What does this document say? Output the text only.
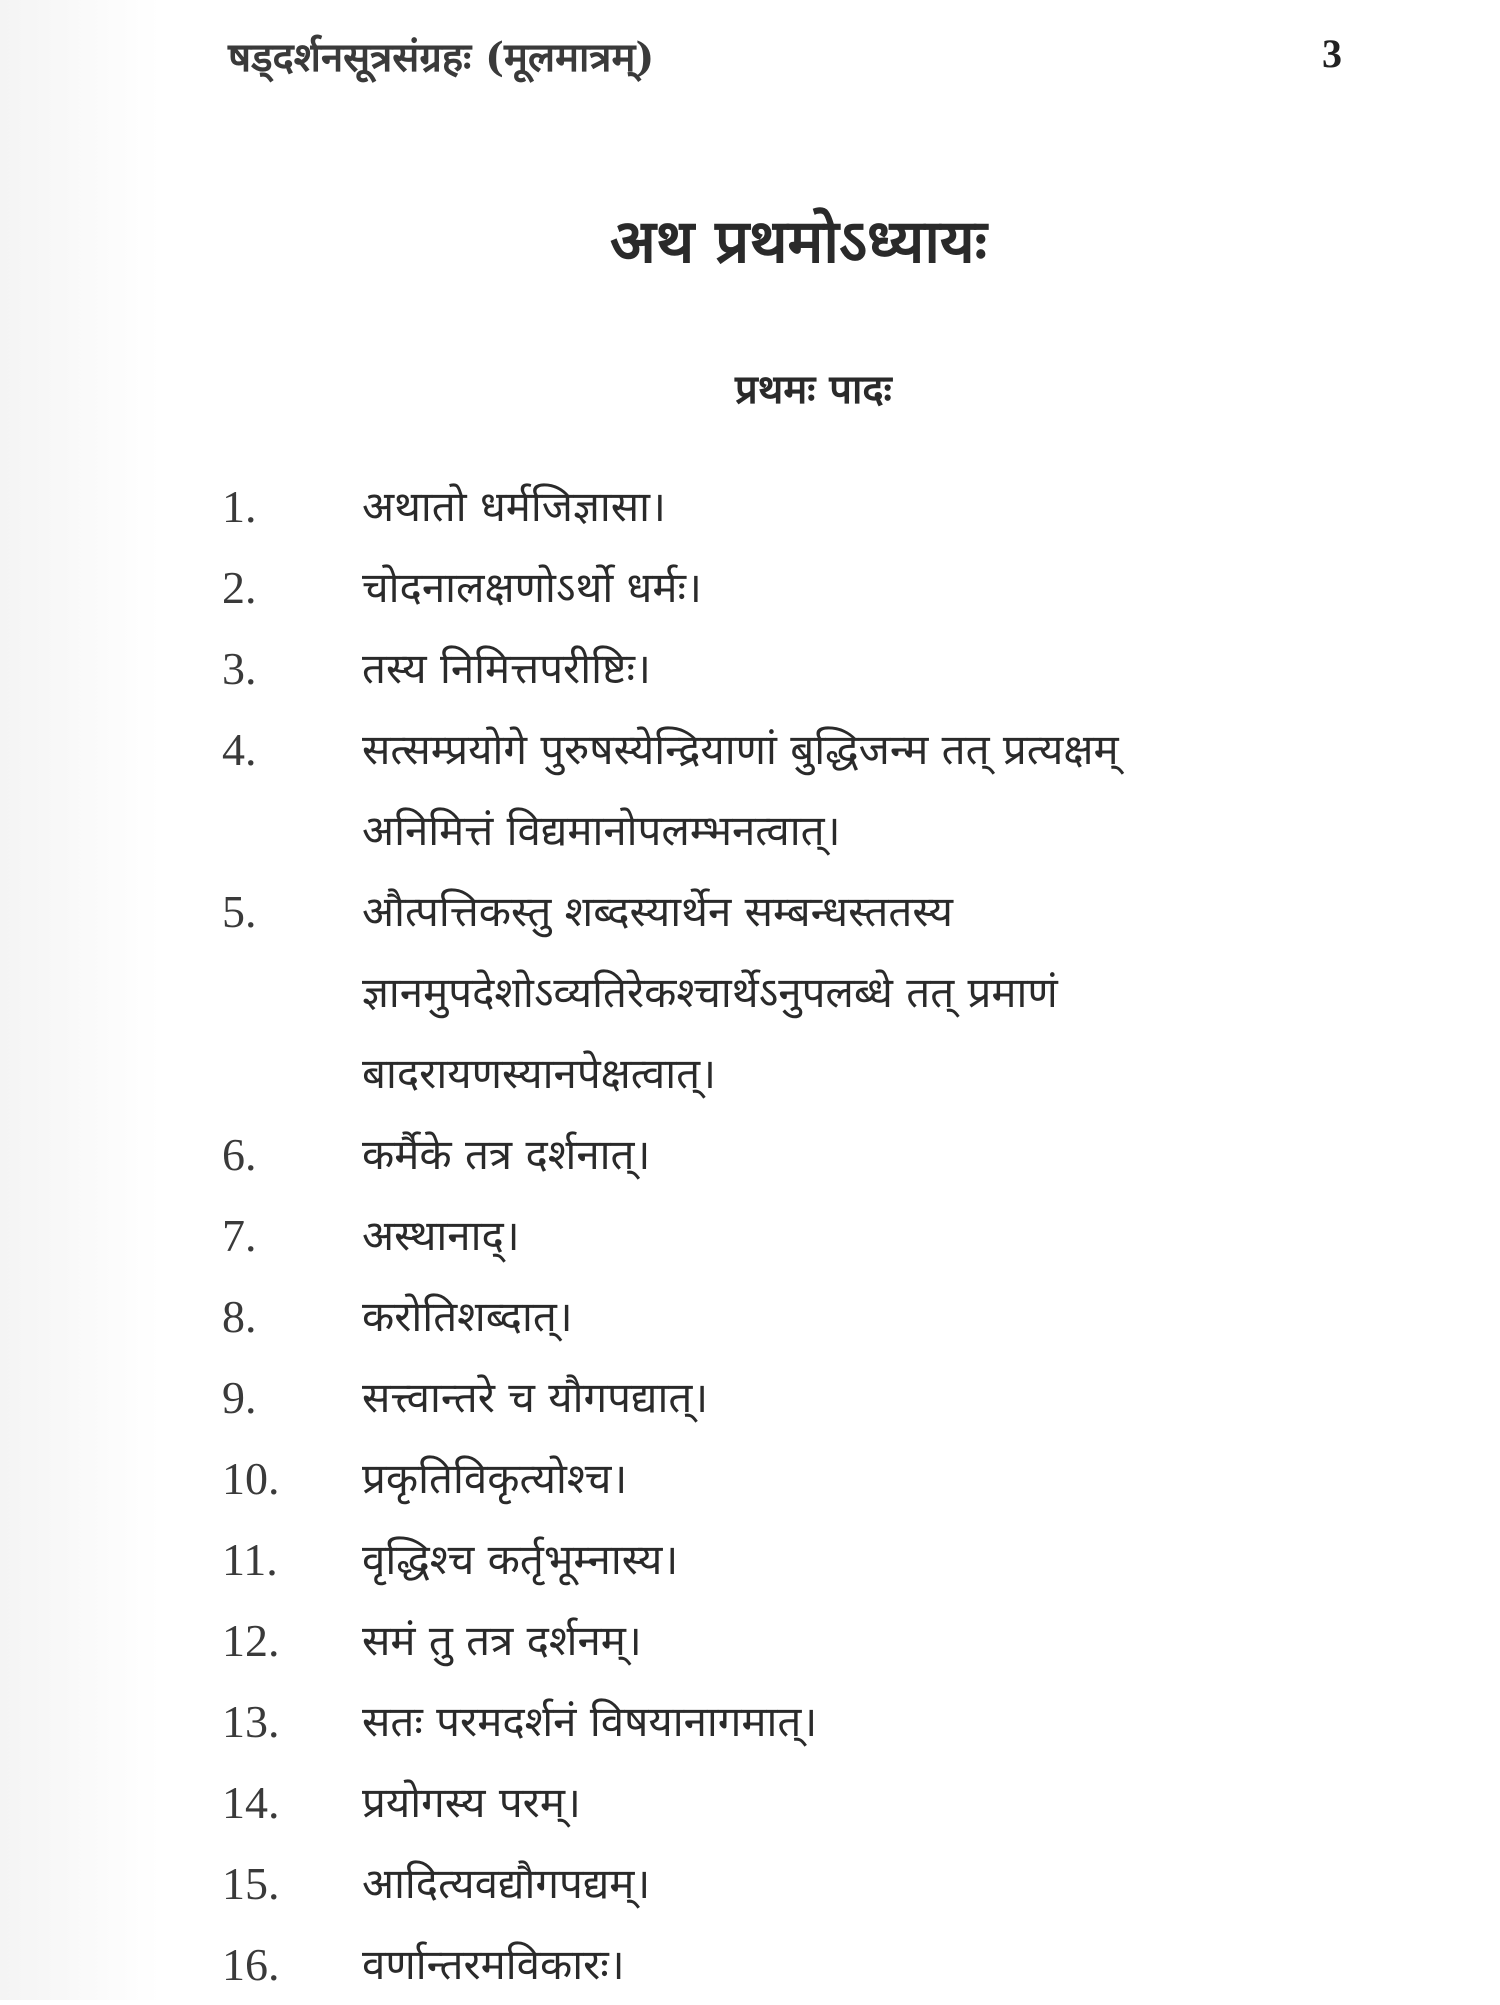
षड्दर्शनसूत्रसंग्रहः (मूलमात्रम्)	3
अथ प्रथमोऽध्यायः
प्रथमः पादः
1.	अथातो धर्मजिज्ञासा।
2.	चोदनालक्षणोऽर्थो धर्मः।
3.	तस्य निमित्तपरीष्टिः।
4.	सत्सम्प्रयोगे पुरुषस्येन्द्रियाणां बुद्धिजन्म तत् प्रत्यक्षम्
अनिमित्तं विद्यमानोपलम्भनत्वात्।
5.	औत्पत्तिकस्तु शब्दस्यार्थेन सम्बन्धस्ततस्य
ज्ञानमुपदेशोऽव्यतिरेकश्चार्थेऽनुपलब्धे तत् प्रमाणं
बादरायणस्यानपेक्षत्वात्।
6.	कर्मैके तत्र दर्शनात्।
7.	अस्थानाद्।
8.	करोतिशब्दात्।
9.	सत्त्वान्तरे च यौगपद्यात्।
10.	प्रकृतिविकृत्योश्च।
11.	वृद्धिश्च कर्तृभूम्नास्य।
12.	समं तु तत्र दर्शनम्।
13.	सतः परमदर्शनं विषयानागमात्।
14.	प्रयोगस्य परम्।
15.	आदित्यवद्यौगपद्यम्।
16.	वर्णान्तरमविकारः।
